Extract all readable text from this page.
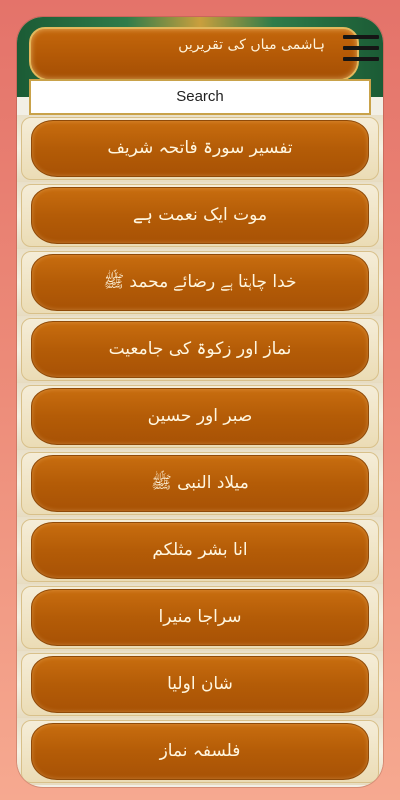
ہاشمی میاں کی تقریریں
Search
تفسیر سورۃ فاتحہ شریف
موت ایک نعمت ہے
خدا چاہتا ہے رضائے محمد ﷺ
نماز اور زکوۃ کی جامعیت
صبر اور حسین
میلاد النبی ﷺ
انا بشر مثلکم
سراجا منیرا
شان اولیا
فلسفہ نماز
